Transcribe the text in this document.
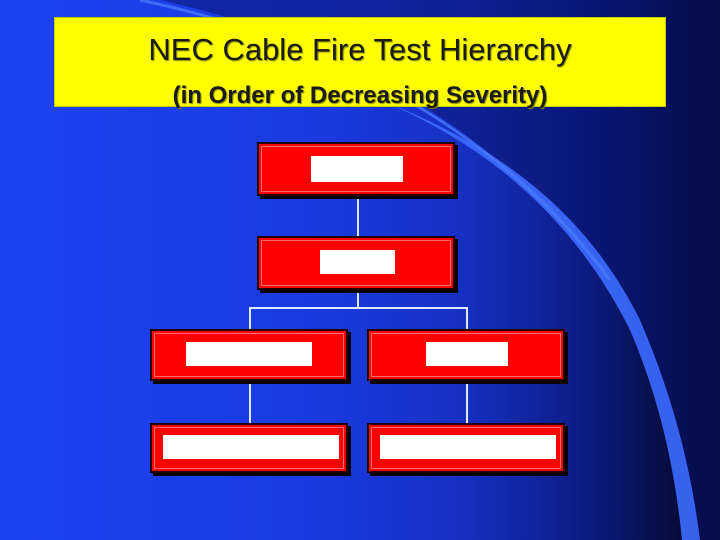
NEC Cable Fire Test Hierarchy
(in Order of Decreasing Severity)
